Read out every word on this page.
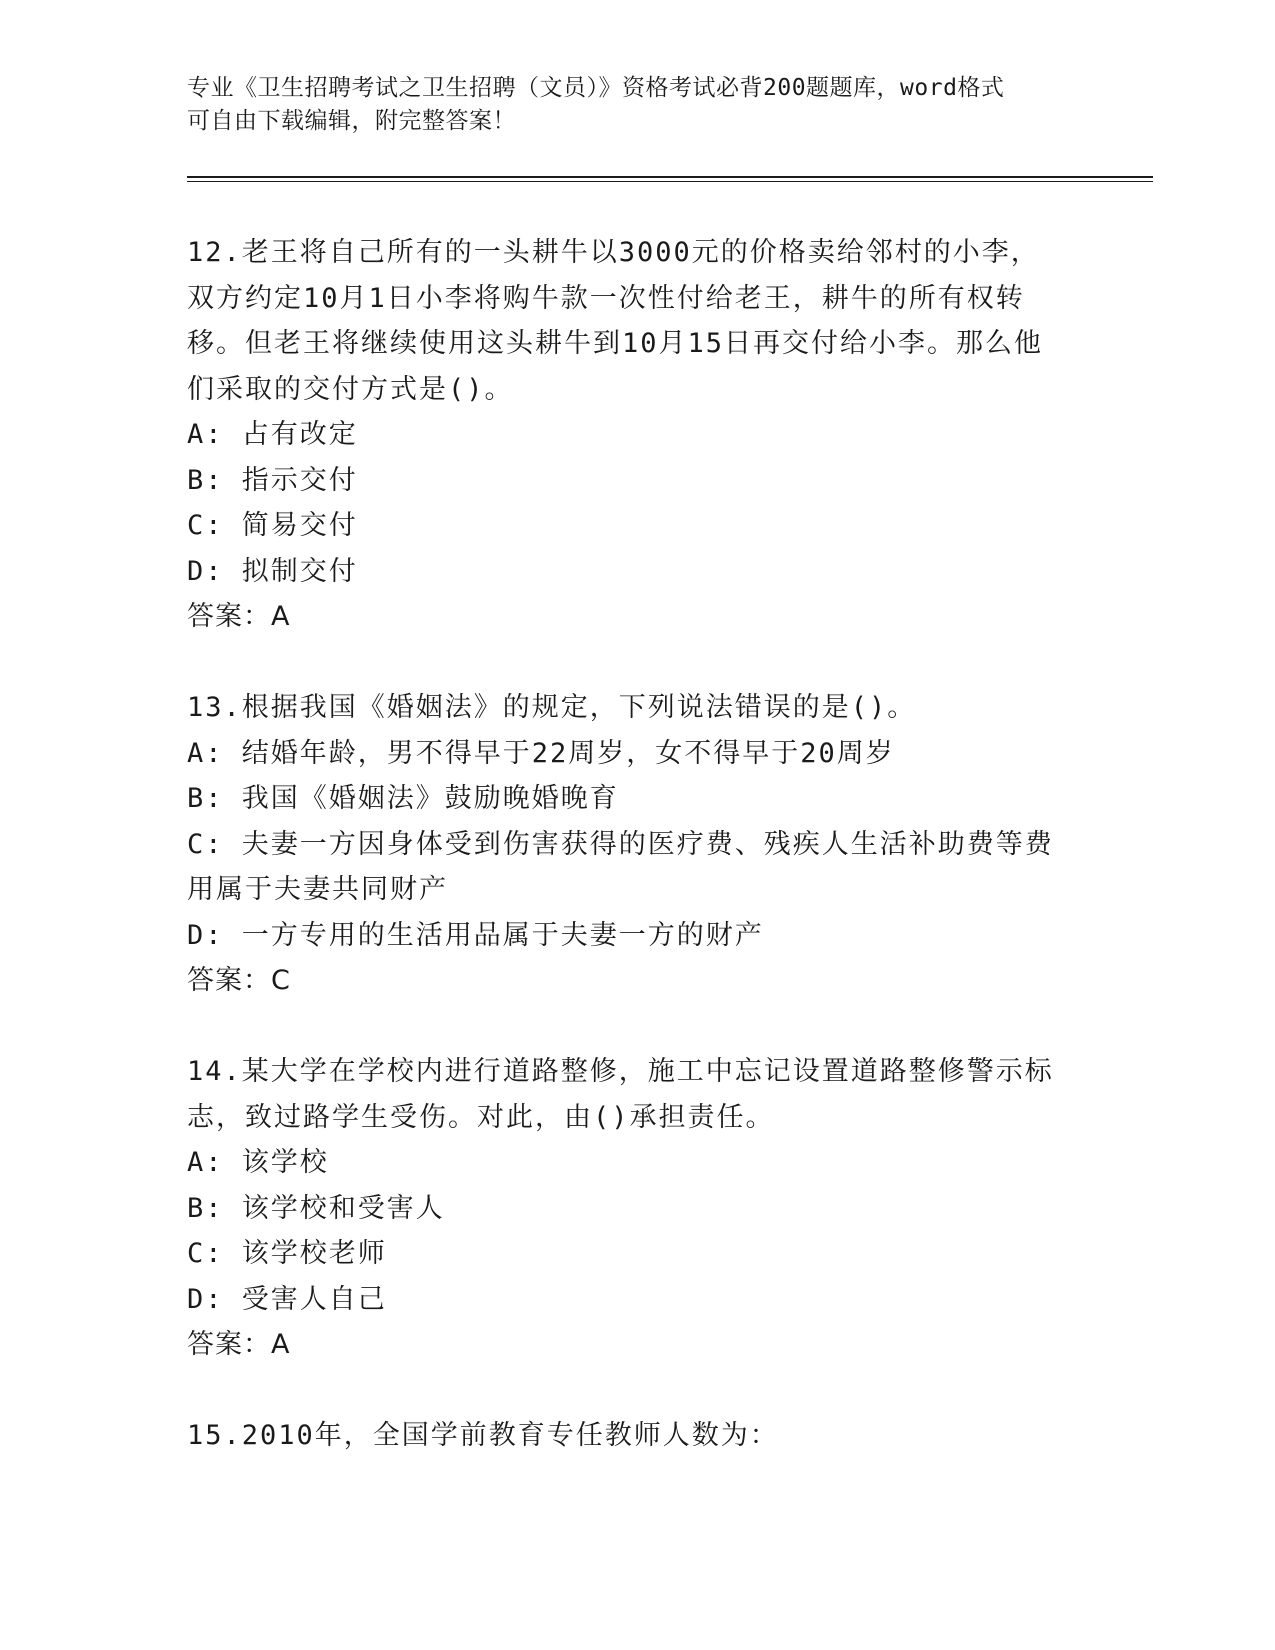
专业《卫生招聘考试之卫生招聘（文员）》资格考试必背200题题库，word格式
可自由下载编辑，附完整答案！
12.老王将自己所有的一头耕牛以3000元的价格卖给邻村的小李，双方约定10月1日小李将购牛款一次性付给老王，耕牛的所有权转移。但老王将继续使用这头耕牛到10月15日再交付给小李。那么他们采取的交付方式是()。
A: 占有改定
B: 指示交付
C: 简易交付
D: 拟制交付
答案：A
13.根据我国《婚姻法》的规定，下列说法错误的是()。
A: 结婚年龄，男不得早于22周岁，女不得早于20周岁
B: 我国《婚姻法》鼓励晚婚晚育
C: 夫妻一方因身体受到伤害获得的医疗费、残疾人生活补助费等费用属于夫妻共同财产
D: 一方专用的生活用品属于夫妻一方的财产
答案：C
14.某大学在学校内进行道路整修，施工中忘记设置道路整修警示标志，致过路学生受伤。对此，由()承担责任。
A: 该学校
B: 该学校和受害人
C: 该学校老师
D: 受害人自己
答案：A
15.2010年，全国学前教育专任教师人数为：
